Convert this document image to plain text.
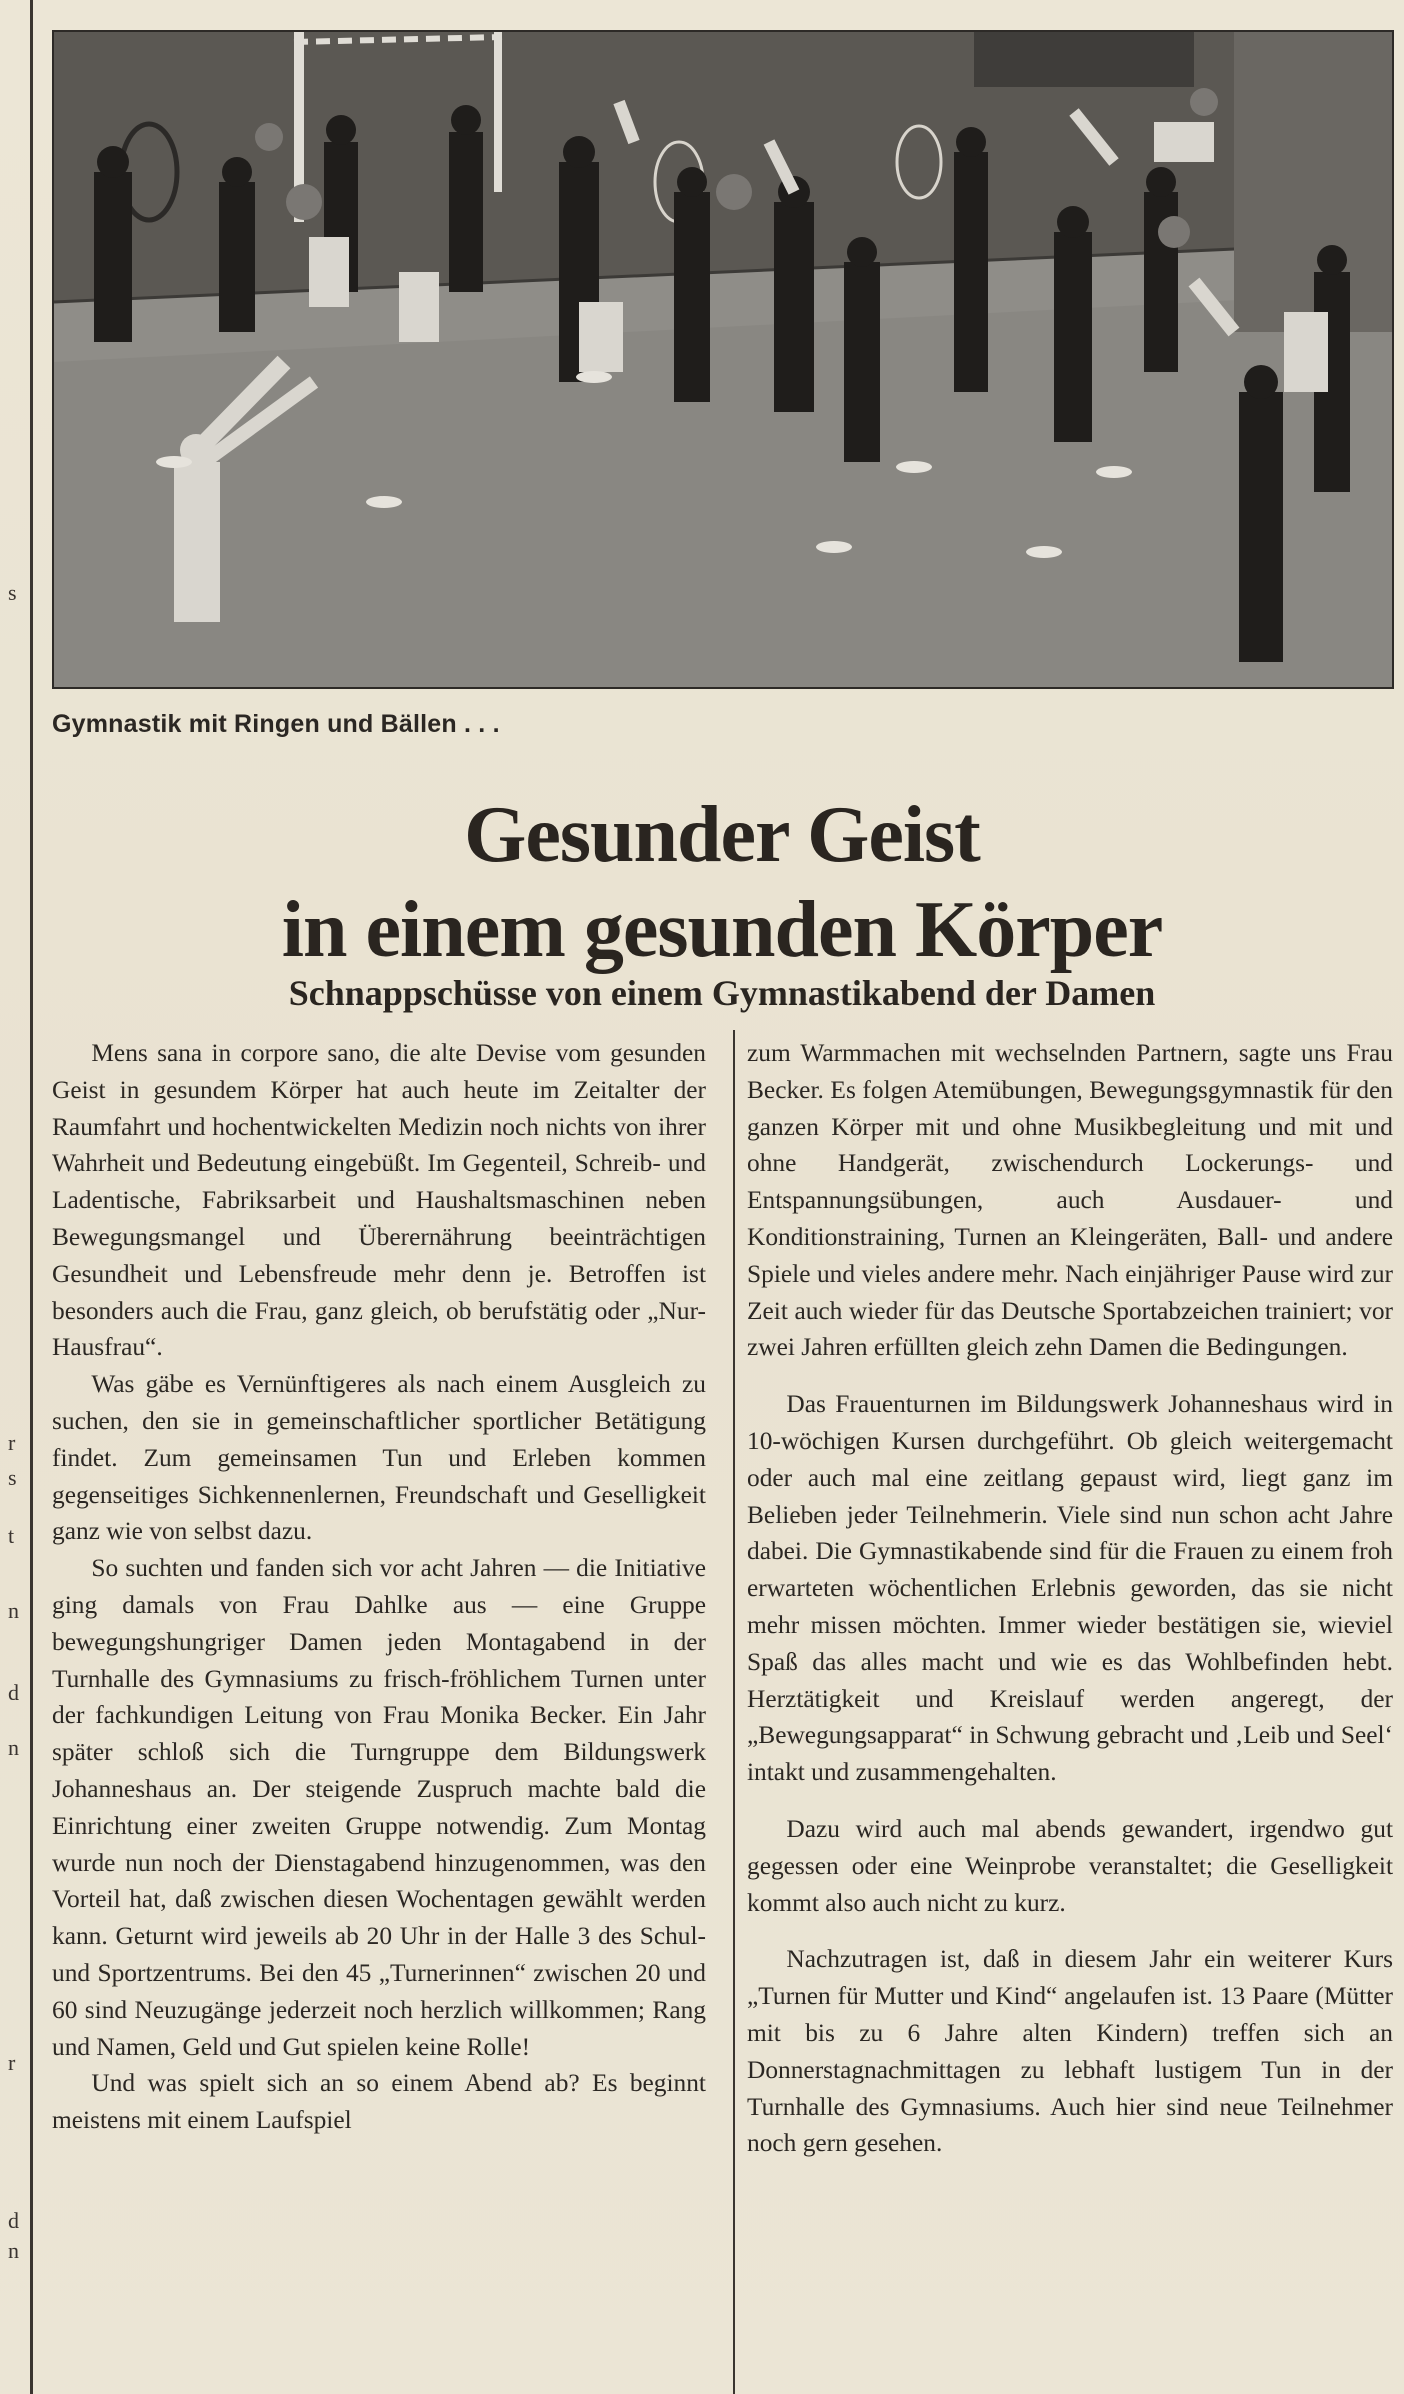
s
r
s
t
n
d
n
r
d
n
Gymnastik mit Ringen und Bällen . . .
Gesunder Geist
in einem gesunden Körper
Schnappschüsse von einem Gymnastikabend der Damen

Mens sana in corpore sano, die alte Devise vom gesunden Geist in gesundem Körper hat auch heute im Zeitalter der Raumfahrt und hochentwickelten Medizin noch nichts von ihrer Wahrheit und Bedeutung eingebüßt. Im Gegenteil, Schreib- und Ladentische, Fabriksarbeit und Haushaltsmaschinen neben Bewegungsmangel und Überernährung beeinträchtigen Gesundheit und Lebensfreude mehr denn je. Betroffen ist besonders auch die Frau, ganz gleich, ob berufstätig oder „Nur-Hausfrau“.

Was gäbe es Vernünftigeres als nach einem Ausgleich zu suchen, den sie in gemeinschaftlicher sportlicher Betätigung findet. Zum gemeinsamen Tun und Erleben kommen gegenseitiges Sichkennenlernen, Freundschaft und Geselligkeit ganz wie von selbst dazu.

So suchten und fanden sich vor acht Jahren — die Initiative ging damals von Frau Dahlke aus — eine Gruppe bewegungshungriger Damen jeden Montagabend in der Turnhalle des Gymnasiums zu frisch-fröhlichem Turnen unter der fachkundigen Leitung von Frau Monika Becker. Ein Jahr später schloß sich die Turngruppe dem Bildungswerk Johanneshaus an. Der steigende Zuspruch machte bald die Einrichtung einer zweiten Gruppe notwendig. Zum Montag wurde nun noch der Dienstagabend hinzugenommen, was den Vorteil hat, daß zwischen diesen Wochentagen gewählt werden kann. Geturnt wird jeweils ab 20 Uhr in der Halle 3 des Schul- und Sportzentrums. Bei den 45 „Turnerinnen“ zwischen 20 und 60 sind Neuzugänge jederzeit noch herzlich willkommen; Rang und Namen, Geld und Gut spielen keine Rolle!

Und was spielt sich an so einem Abend ab? Es beginnt meistens mit einem Laufspiel

zum Warmmachen mit wechselnden Partnern, sagte uns Frau Becker. Es folgen Atemübungen, Bewegungsgymnastik für den ganzen Körper mit und ohne Musikbegleitung und mit und ohne Handgerät, zwischendurch Lockerungs- und Entspannungsübungen, auch Ausdauer- und Konditionstraining, Turnen an Kleingeräten, Ball- und andere Spiele und vieles andere mehr. Nach einjähriger Pause wird zur Zeit auch wieder für das Deutsche Sportabzeichen trainiert; vor zwei Jahren erfüllten gleich zehn Damen die Bedingungen.

Das Frauenturnen im Bildungswerk Johanneshaus wird in 10-wöchigen Kursen durchgeführt. Ob gleich weitergemacht oder auch mal eine zeitlang gepaust wird, liegt ganz im Belieben jeder Teilnehmerin. Viele sind nun schon acht Jahre dabei. Die Gymnastikabende sind für die Frauen zu einem froh erwarteten wöchentlichen Erlebnis geworden, das sie nicht mehr missen möchten. Immer wieder bestätigen sie, wieviel Spaß das alles macht und wie es das Wohlbefinden hebt. Herztätigkeit und Kreislauf werden angeregt, der „Bewegungsapparat“ in Schwung gebracht und ‚Leib und Seel‘ intakt und zusammengehalten.

Dazu wird auch mal abends gewandert, irgendwo gut gegessen oder eine Weinprobe veranstaltet; die Geselligkeit kommt also auch nicht zu kurz.

Nachzutragen ist, daß in diesem Jahr ein weiterer Kurs „Turnen für Mutter und Kind“ angelaufen ist. 13 Paare (Mütter mit bis zu 6 Jahre alten Kindern) treffen sich an Donnerstagnachmittagen zu lebhaft lustigem Tun in der Turnhalle des Gymnasiums. Auch hier sind neue Teilnehmer noch gern gesehen.
